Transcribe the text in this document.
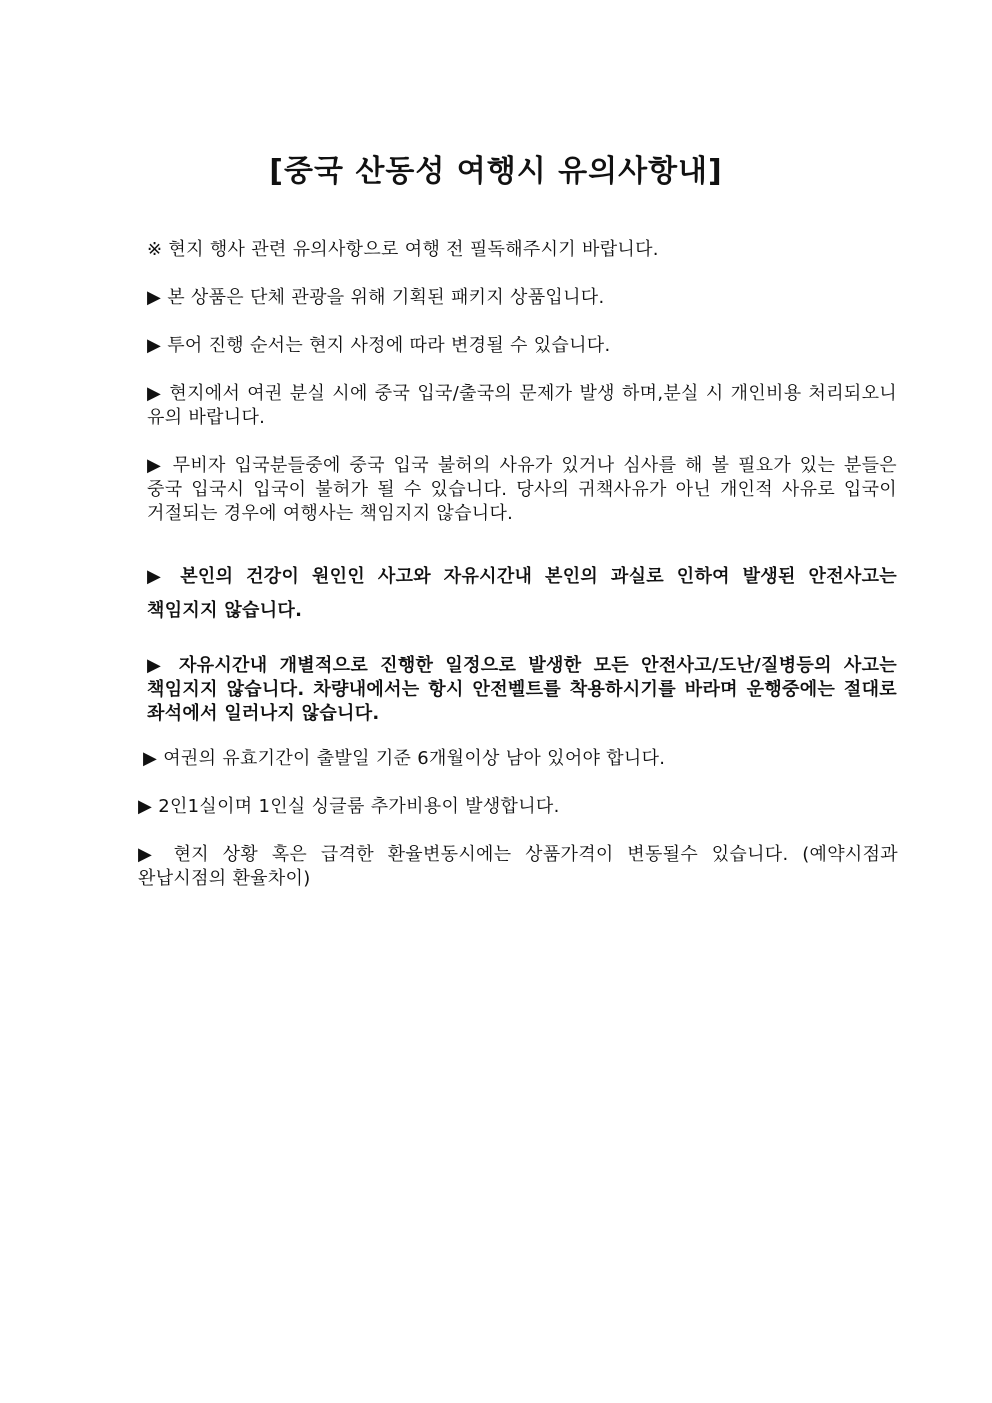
[중국 산동성 여행시 유의사항내]
※ 현지 행사 관련 유의사항으로 여행 전 필독해주시기 바랍니다.
▶ 본 상품은 단체 관광을 위해 기획된 패키지 상품입니다.
▶ 투어 진행 순서는 현지 사정에 따라 변경될 수 있습니다.
▶ 현지에서 여권 분실 시에 중국 입국/출국의 문제가 발생 하며,분실 시 개인비용 처리되오니 유의 바랍니다.
▶ 무비자 입국분들중에 중국 입국 불허의 사유가 있거나 심사를 해 볼 필요가 있는 분들은 중국 입국시 입국이 불허가 될 수 있습니다. 당사의 귀책사유가 아닌 개인적 사유로 입국이 거절되는 경우에 여행사는 책임지지 않습니다.
▶ 본인의 건강이 원인인 사고와 자유시간내 본인의 과실로 인하여 발생된 안전사고는 책임지지 않습니다.
▶ 자유시간내 개별적으로 진행한 일정으로 발생한 모든 안전사고/도난/질병등의 사고는 책임지지 않습니다. 차량내에서는 항시 안전벨트를 착용하시기를 바라며 운행중에는 절대로 좌석에서 일러나지 않습니다.
▶ 여권의 유효기간이 출발일 기준 6개월이상 남아 있어야 합니다.
▶ 2인1실이며 1인실 싱글룸 추가비용이 발생합니다.
▶ 현지 상황 혹은 급격한 환율변동시에는 상품가격이 변동될수 있습니다. (예약시점과 완납시점의 환율차이)
